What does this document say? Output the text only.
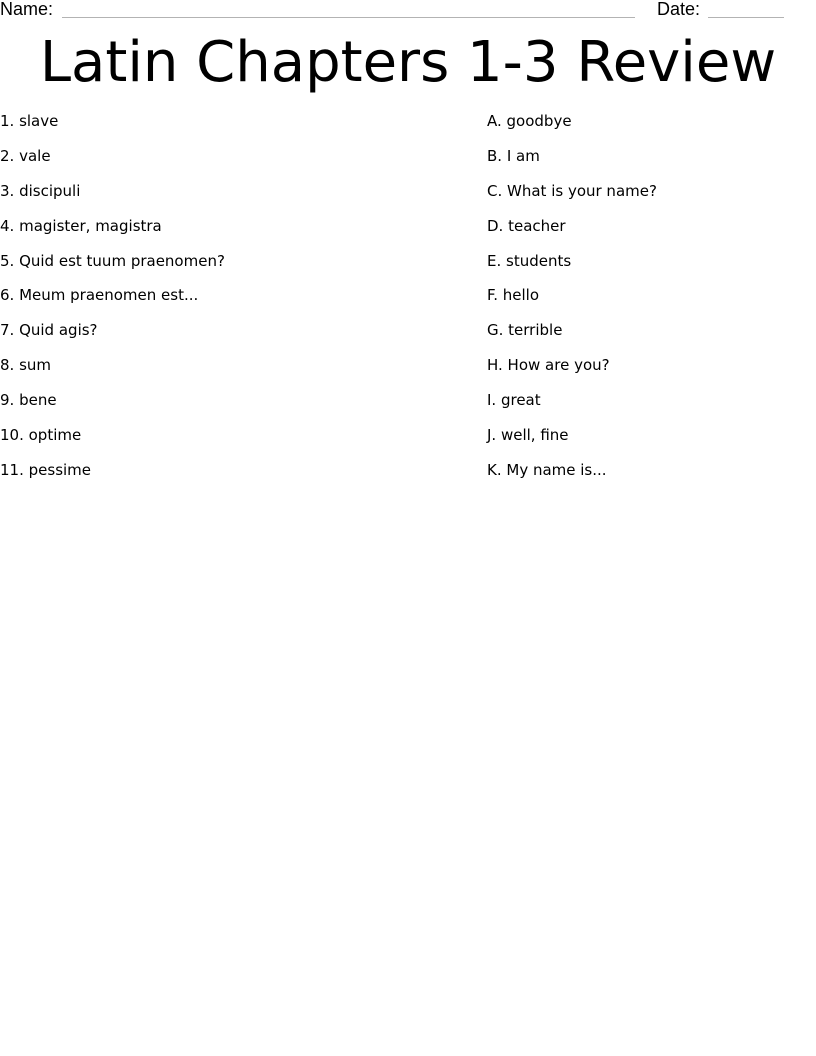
Name:	Date:
Latin Chapters 1-3 Review
1. slave
2. vale
3. discipuli
4. magister, magistra
5. Quid est tuum praenomen?
6. Meum praenomen est...
7. Quid agis?
8. sum
9. bene
10. optime
11. pessime
A. goodbye
B. I am
C. What is your name?
D. teacher
E. students
F. hello
G. terrible
H. How are you?
I. great
J. well, fine
K. My name is...
